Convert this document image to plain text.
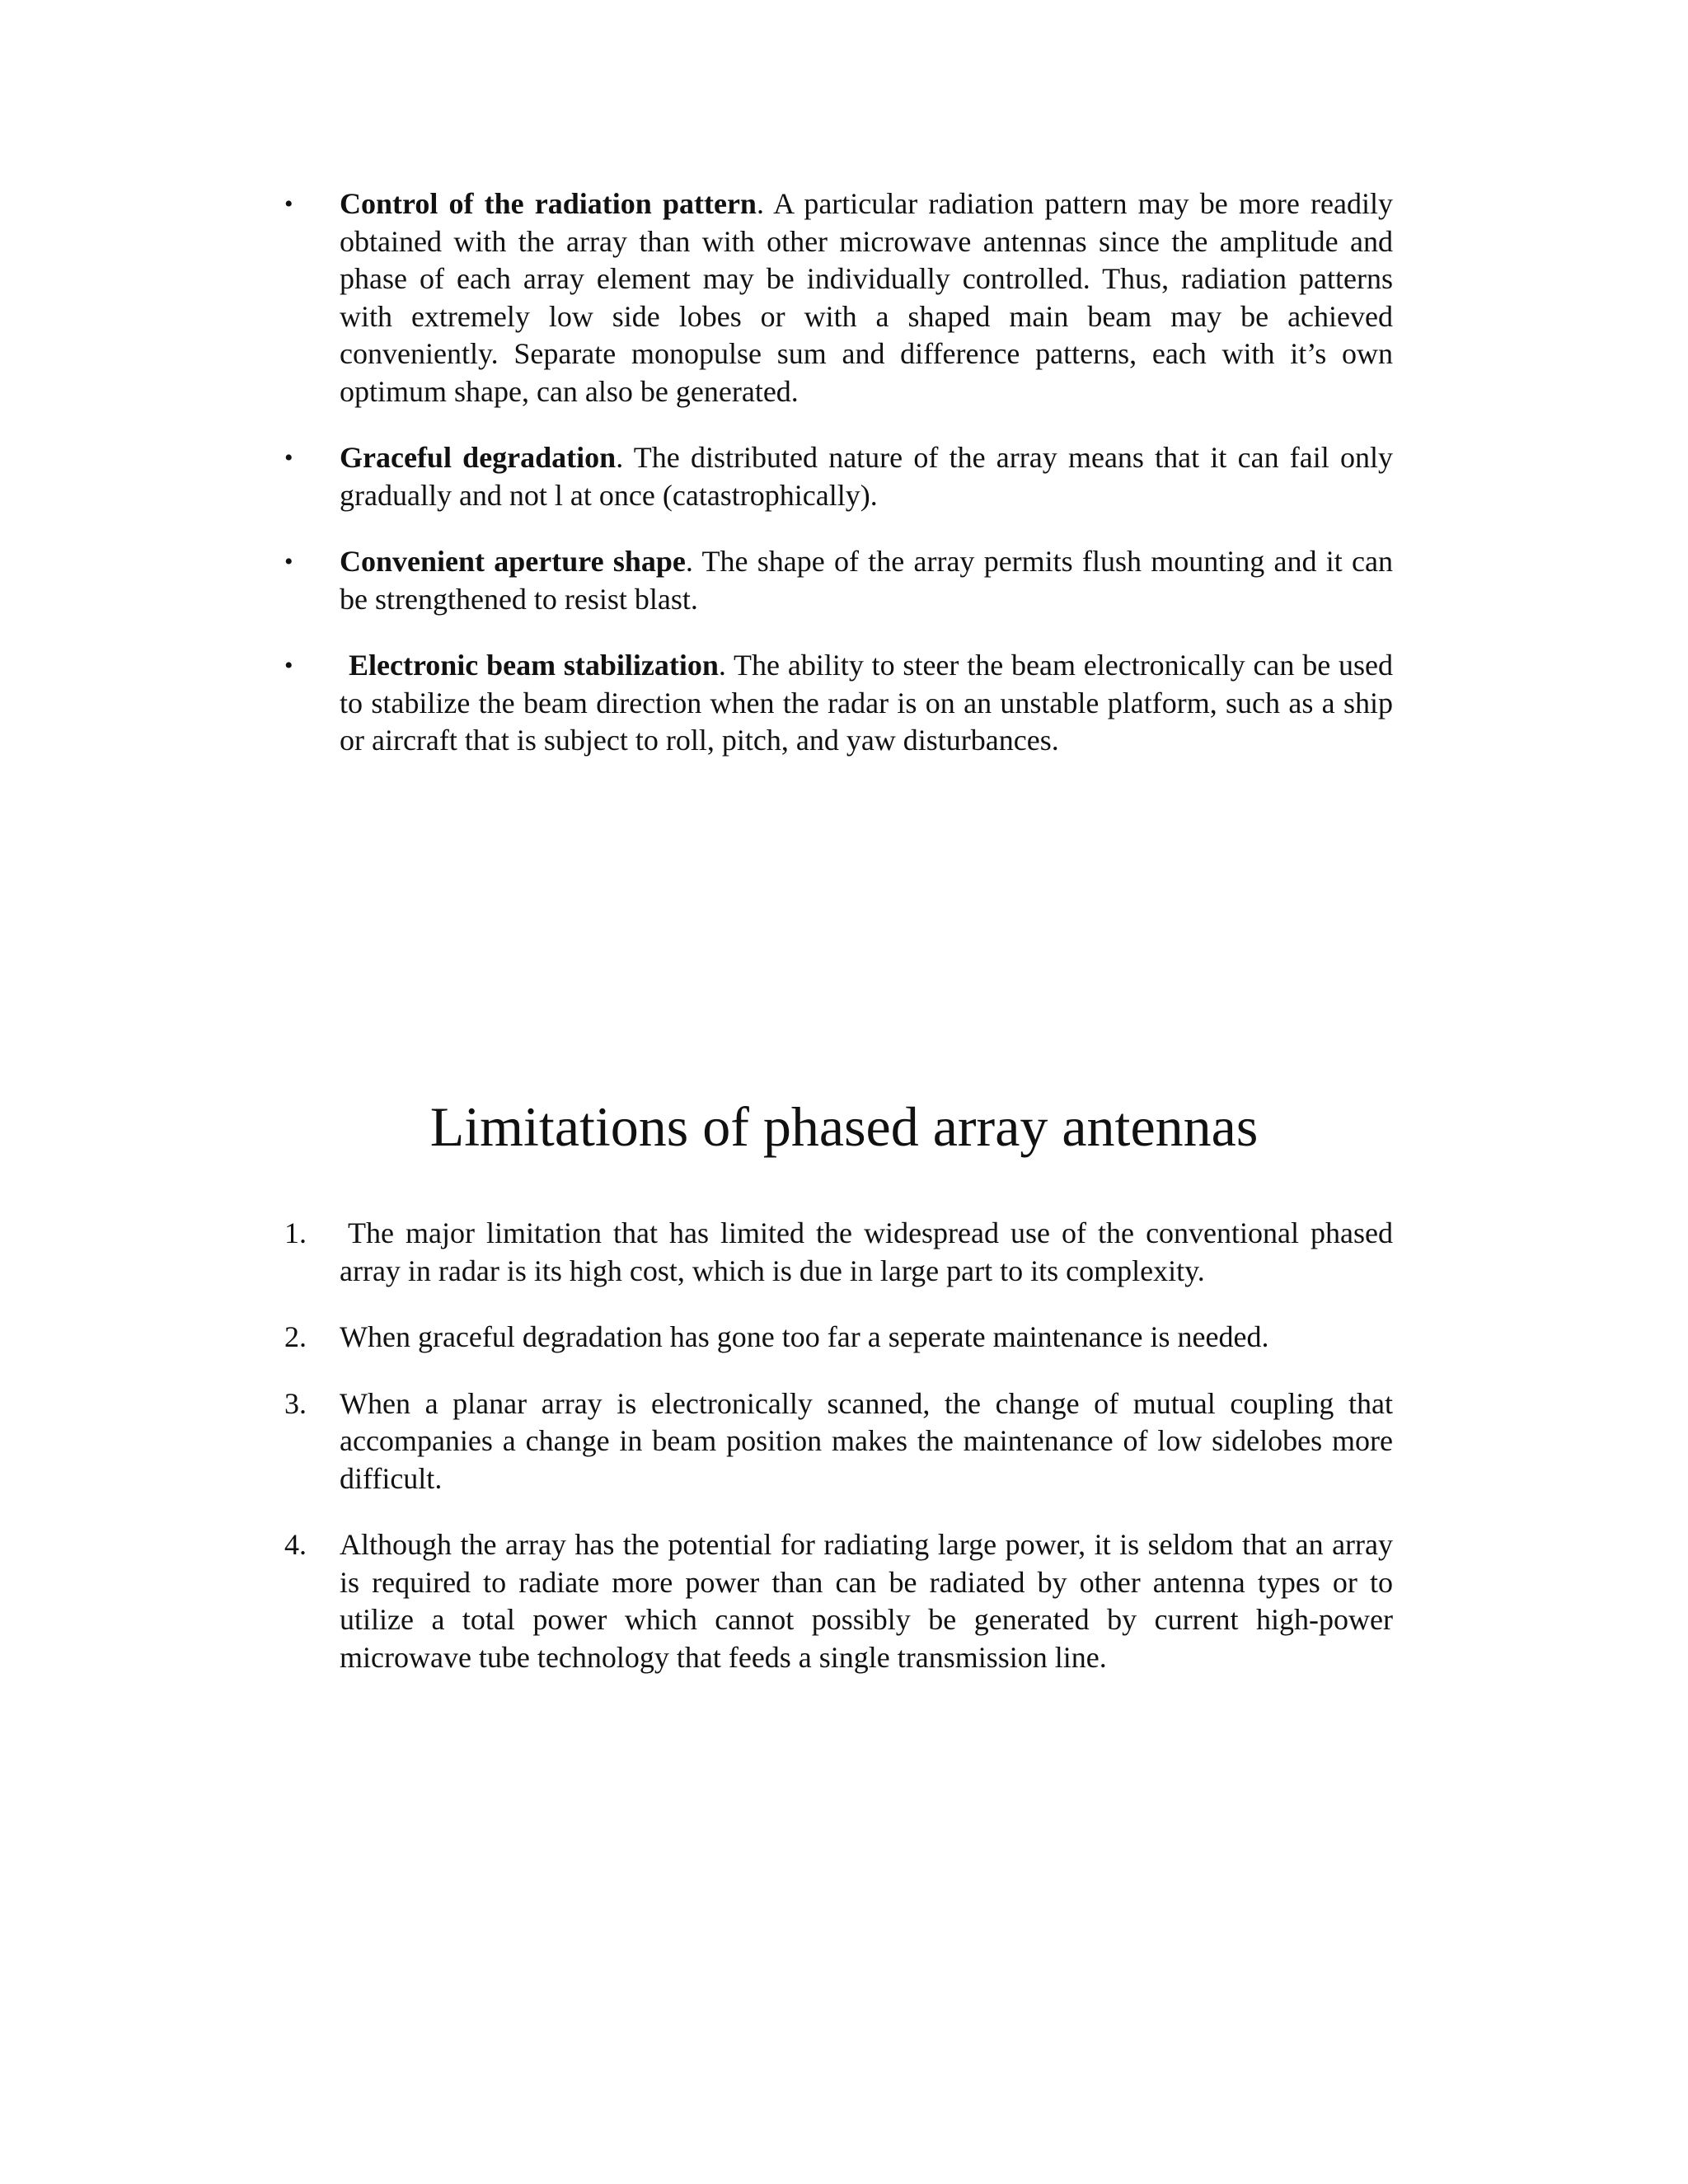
•	Control of the radiation pattern. A particular radiation pattern may be more readily obtained with the array than with other microwave antennas since the amplitude and phase of each array element may be individually controlled. Thus, radiation patterns with extremely low side lobes or with a shaped main beam may be achieved conveniently. Separate monopulse sum and difference patterns, each with it’s own optimum shape, can also be generated.
•	Graceful degradation. The distributed nature of the array means that it can fail only gradually and not l at once (catastrophically).
•	Convenient aperture shape. The shape of the array permits flush mounting and it can be strengthened to resist blast.
•	Electronic beam stabilization. The ability to steer the beam electronically can be used to stabilize the beam direction when the radar is on an unstable platform, such as a ship or aircraft that is subject to roll, pitch, and yaw disturbances.
Limitations of phased array antennas
1.	The major limitation that has limited the widespread use of the conventional phased array in radar is its high cost, which is due in large part to its complexity.
2.	When graceful degradation has gone too far a seperate maintenance is needed.
3.	When a planar array is electronically scanned, the change of mutual coupling that accompanies a change in beam position makes the maintenance of low sidelobes more difficult.
4.	Although the array has the potential for radiating large power, it is seldom that an array is required to radiate more power than can be radiated by other antenna types or to utilize a total power which cannot possibly be generated by current high-power microwave tube technology that feeds a single transmission line.
